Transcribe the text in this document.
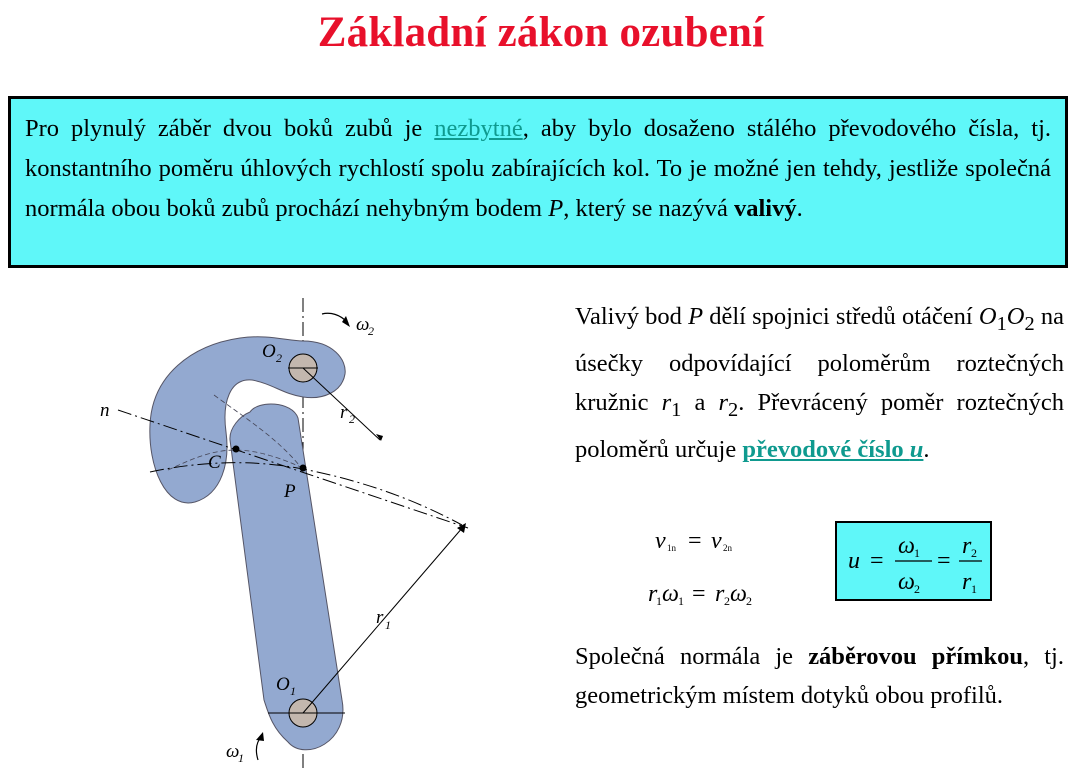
Základní zákon ozubení
Pro plynulý záběr dvou boků zubů je nezbytné, aby bylo dosaženo stálého převodového čísla, tj. konstantního poměru úhlových rychlostí spolu zabírajících kol. To je možné jen tehdy, jestliže společná normála obou boků zubů prochází nehybným bodem P, který se nazývá valivý.
n
C
P
O 2
O 1
r 2
r 1
ω
2
ω
1
Valivý bod P dělí spojnici středů otáčení $O_1O_2$ na úsečky odpovídající poloměrům roztečných kružnic $r_1$ a $r_2$. Převrácený poměr roztečných poloměrů určuje převodové číslo u.
v 1n = v 2n
r
1 ω 1 = r 2 ω 2
u =
ω 1
ω 2
=
r 2
r 1
Společná normála je záběrovou přímkou, tj. geometrickým místem dotyků obou profilů.
